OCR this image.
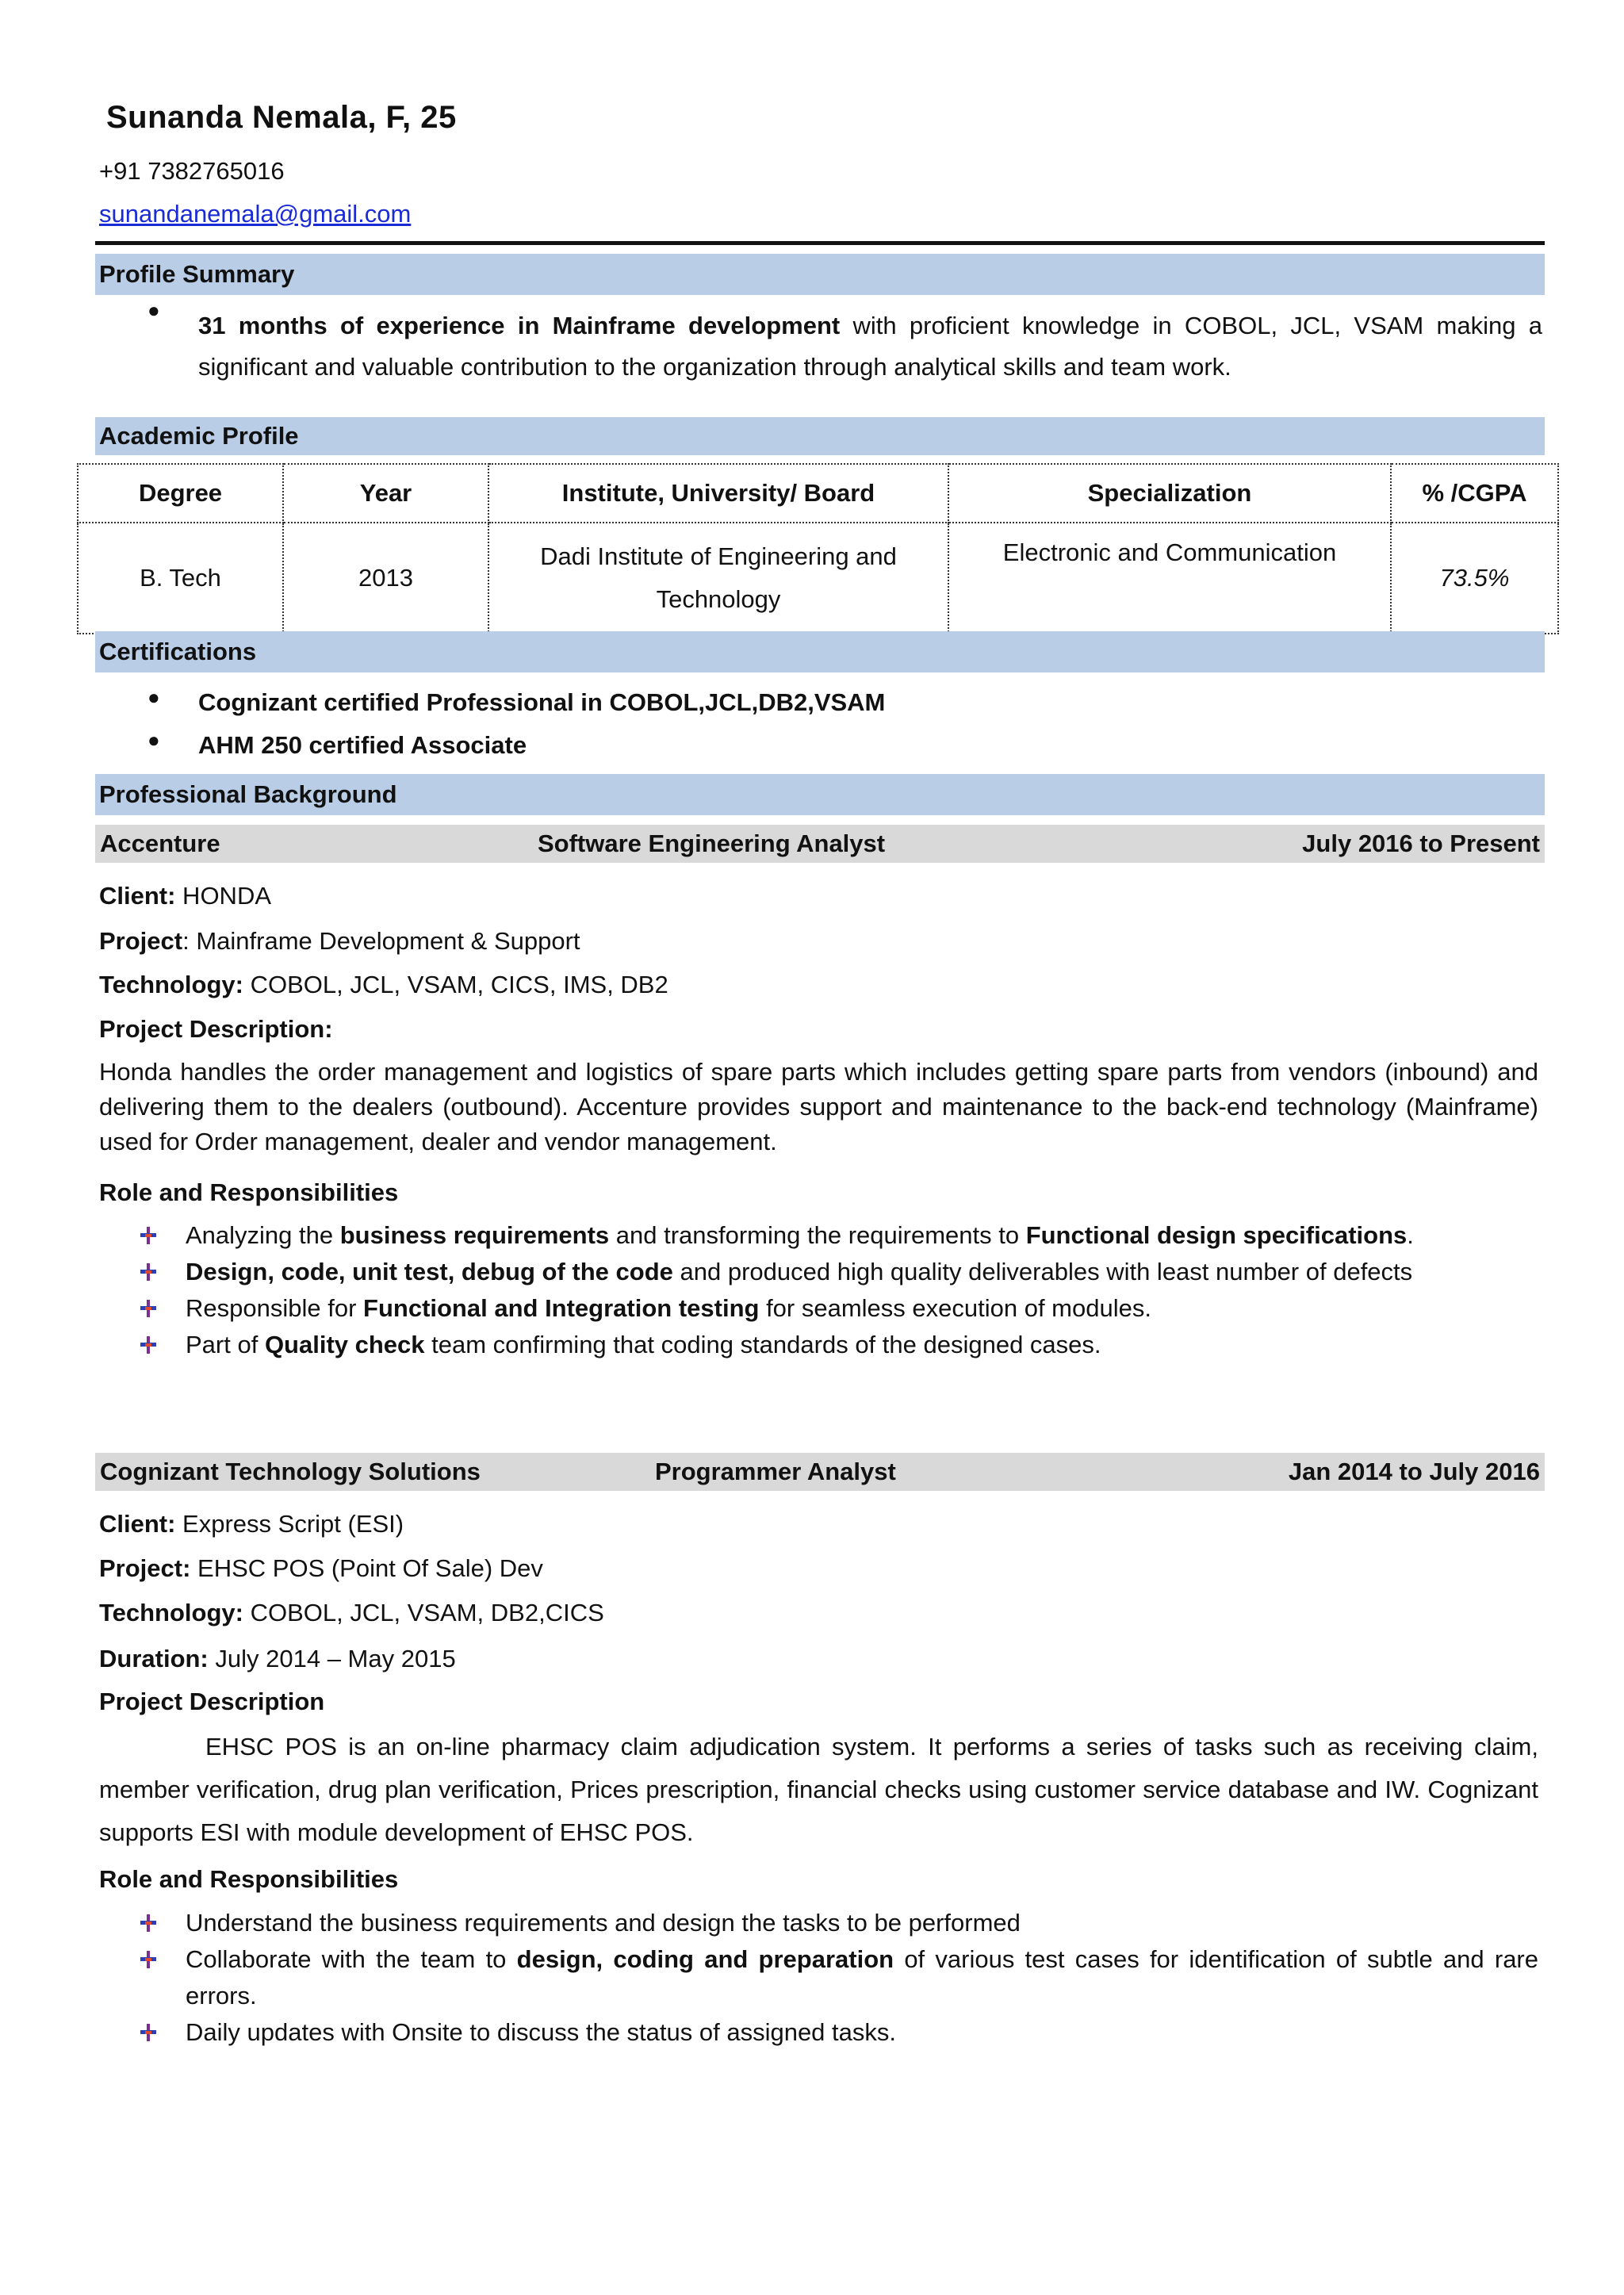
Sunanda Nemala, F, 25
+91 7382765016
sunandanemala@gmail.com
Profile Summary
●
31 months of experience in Mainframe development with proficient knowledge in COBOL, JCL, VSAM making a significant and valuable contribution to the organization through analytical skills and team work.
Academic Profile
Degree	Year	Institute, University/ Board	Specialization	% /CGPA
B. Tech	2013	Dadi Institute of Engineering and Technology	Electronic and Communication	73.5%
Certifications
● Cognizant certified Professional in COBOL,JCL,DB2,VSAM
● AHM 250 certified Associate
Professional Background
Accenture	Software Engineering Analyst	July 2016 to Present
Client: HONDA
Project: Mainframe Development & Support
Technology: COBOL, JCL, VSAM, CICS, IMS, DB2
Project Description:
Honda handles the order management and logistics of spare parts which includes getting spare parts from vendors (inbound) and delivering them to the dealers (outbound). Accenture provides support and maintenance to the back-end technology (Mainframe) used for Order management, dealer and vendor management.
Role and Responsibilities
Analyzing the business requirements and transforming the requirements to Functional design specifications.
Design, code, unit test, debug of the code and produced high quality deliverables with least number of defects
Responsible for Functional and Integration testing for seamless execution of modules.
Part of Quality check team confirming that coding standards of the designed cases.
Cognizant Technology Solutions	Programmer Analyst	Jan 2014 to July 2016
Client: Express Script (ESI)
Project: EHSC POS (Point Of Sale) Dev
Technology: COBOL, JCL, VSAM, DB2,CICS
Duration: July 2014 – May 2015
Project Description
EHSC POS is an on-line pharmacy claim adjudication system. It performs a series of tasks such as receiving claim, member verification, drug plan verification, Prices prescription, financial checks using customer service database and IW. Cognizant supports ESI with module development of EHSC POS.
Role and Responsibilities
Understand the business requirements and design the tasks to be performed
Collaborate with the team to design, coding and preparation of various test cases for identification of subtle and rare errors.
Daily updates with Onsite to discuss the status of assigned tasks.
